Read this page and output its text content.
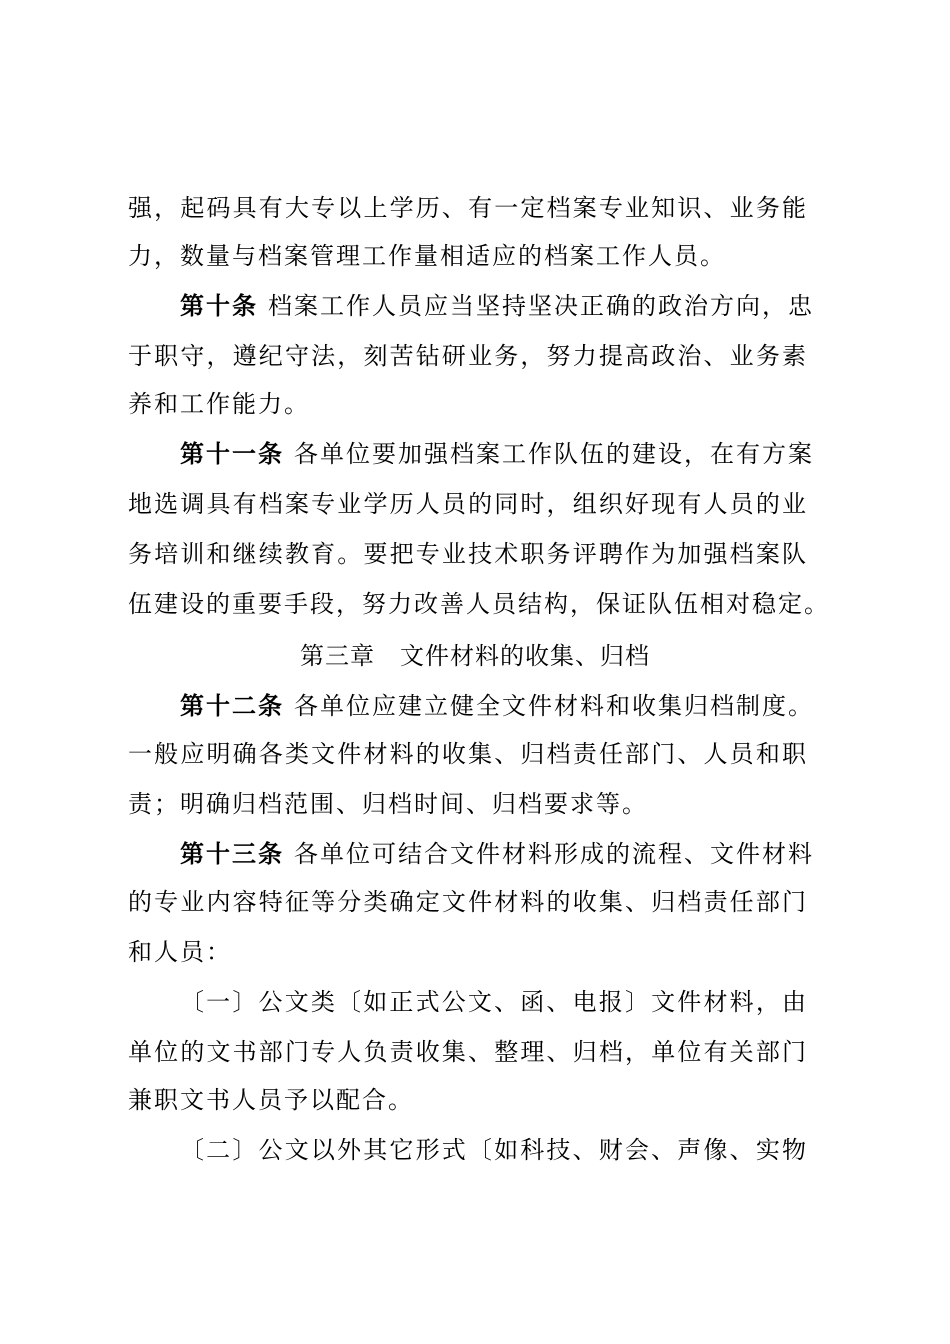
强，起码具有大专以上学历、有一定档案专业知识、业务能
力，数量与档案管理工作量相适应的档案工作人员。
第十条 档案工作人员应当坚持坚决正确的政治方向，忠
于职守，遵纪守法，刻苦钻研业务，努力提高政治、业务素
养和工作能力。
第十一条 各单位要加强档案工作队伍的建设，在有方案
地选调具有档案专业学历人员的同时，组织好现有人员的业
务培训和继续教育。要把专业技术职务评聘作为加强档案队
伍建设的重要手段，努力改善人员结构，保证队伍相对稳定。
第三章　文件材料的收集、归档
第十二条 各单位应建立健全文件材料和收集归档制度。
一般应明确各类文件材料的收集、归档责任部门、人员和职
责；明确归档范围、归档时间、归档要求等。
第十三条 各单位可结合文件材料形成的流程、文件材料
的专业内容特征等分类确定文件材料的收集、归档责任部门
和人员：
〔一〕公文类〔如正式公文、函、电报〕文件材料，由
单位的文书部门专人负责收集、整理、归档，单位有关部门
兼职文书人员予以配合。
〔二〕公文以外其它形式〔如科技、财会、声像、实物
